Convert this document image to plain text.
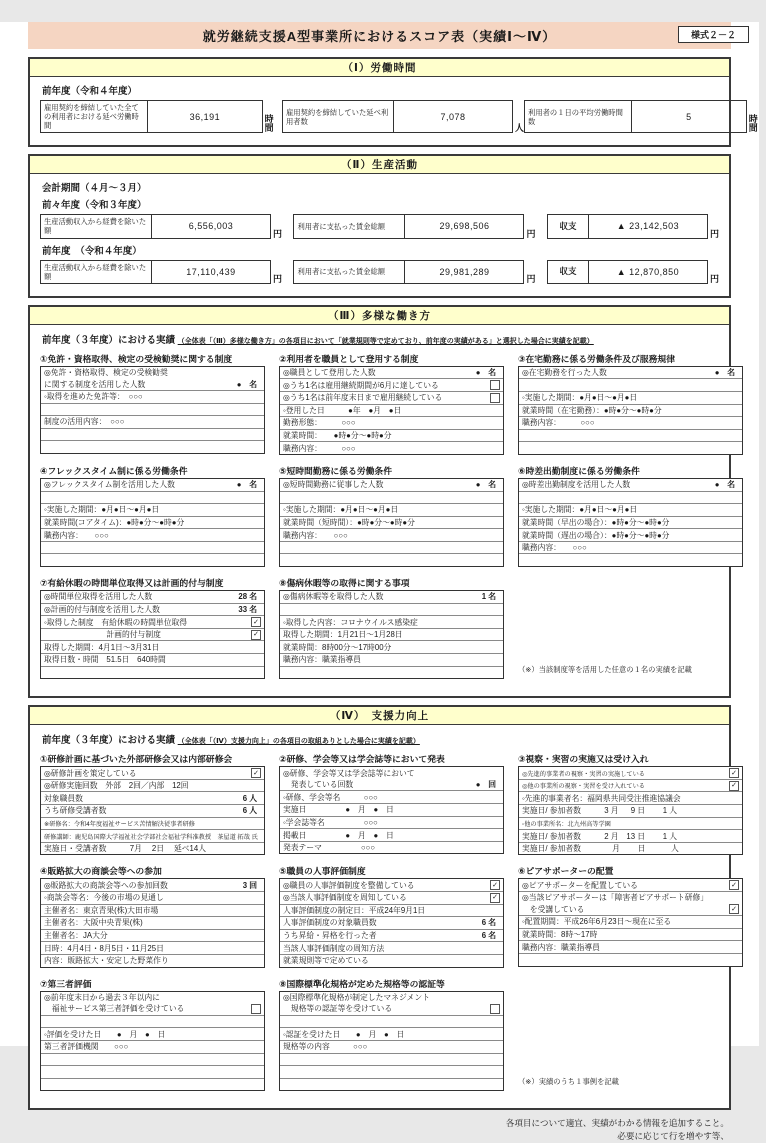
様式２－２
就労継続支援А型事業所におけるスコア表（実績Ⅰ～Ⅳ）
（Ⅰ）労働時間
前年度（令和４年度）
雇用契約を締結していた全ての利用者における延べ労働時間
36,191	時間
雇用契約を締結していた延べ利用者数	7,078
人
利用者の１日の平均労働時間数	5	時間
（Ⅱ）生産活動
会計期間（４月～３月）
前々年度（令和３年度）
生産活動収入から経費を除いた額	6,556,003
円
利用者に支払った賃金総額	29,698,506
円
収支	▲ 23,142,503
円
前年度　（令和４年度）
生産活動収入から経費を除いた額	17,110,439
円
利用者に支払った賃金総額	29,981,289
円
収支	▲ 12,870,850
円
（Ⅲ）多様な働き方
前年度（３年度）における実績 （全体表「（Ⅲ）多様な働き方」の各項目において「就業規則等で定めており、前年度の実績がある」と選択した場合に実績を記載）
①免許・資格取得、検定の受検勧奨に関する制度
◎免許・資格取得、検定の受検勧奨
に関する制度を活用した人数	●　名
◦取得を進めた免許等：　○○○

制度の活用内容：　○○○

②利用者を職員として登用する制度
◎職員として登用した人数	●　名
◎うち1名は雇用継続期間が6月に達している
◎うち1名は前年度末日まで雇用継続している
◦登用した日　　　●年　●月　●日
勤務形態：　　　○○○
就業時間：　　●時●分～●時●分
職務内容：　　　○○○
③在宅勤務に係る労働条件及び服務規律
◎在宅勤務を行った人数	●　名

◦実施した期間：●月●日～●月●日
就業時間（在宅勤務）：●時●分～●時●分
職務内容：　　　○○○

④フレックスタイム制に係る労働条件
◎フレックスタイム制を活用した人数	●　名

◦実施した期間：●月●日～●月●日
就業時間(コアタイム)：●時●分～●時●分
職務内容：　　○○○

⑤短時間勤務に係る労働条件
◎短時間勤務に従事した人数	●　名

◦実施した期間：●月●日～●月●日
就業時間（短時間）：●時●分～●時●分
職務内容：　　○○○

⑥時差出勤制度に係る労働条件
◎時差出勤制度を活用した人数	●　名

◦実施した期間：●月●日～●月●日
就業時間（早出の場合）：●時●分～●時●分
就業時間（遅出の場合）：●時●分～●時●分
職務内容：　　○○○

⑦有給休暇の時間単位取得又は計画的付与制度
◎時間単位取得を活用した人数	28 名
◎計画的付与制度を活用した人数	33 名
◦取得した制度　有給休暇の時間単位取得	✓
　　　　　　　　計画的付与制度	✓
取得した期間：4月1日～3月31日
取得日数・時間　51.5日　640時間

⑧傷病休暇等の取得に関する事項
◎傷病休暇等を取得した人数	1 名

◦取得した内容：コロナウイルス感染症
取得した期間：1月21日～1月28日
就業時間：8時00分～17時00分
職務内容：職業指導員

（※）当該制度等を活用した任意の１名の実績を記載
（Ⅳ）　支援力向上
前年度（３年度）における実績 （全体表「（Ⅳ）支援力向上」の各項目の取組ありとした場合に実績を記載）
①研修計画に基づいた外部研修会又は内部研修会
◎研修計画を策定している	✓
◎研修実施回数　外部　2回／内部　12回
対象職員数	6 人
うち研修受講者数	6 人
※研修名：令和4年度福祉サービス苦情解決従事者研修
研修講師：鹿児島国際大学福祉社会学部社会福祉学科准教授　茶屋道 拓哉 氏
実施日・受講者数　　　7月　 2日　 延べ14人
②研修、学会等又は学会誌等において発表
◎研修、学会等又は学会誌等において
　発表している回数	●　回
◦研修、学会等名　　　○○○
実施日　　　　　●　月　●　日
◦学会誌等名　　　　　○○○
掲載日　　　　　●　月　●　日
発表テーマ　　　　　○○○
③視察・実習の実施又は受け入れ
◎先進的事業者の視察・実習の実施している	✓
◎他の事業所の視察・実習を受け入れている	✓
◦先進的事業者名：福岡県共同受注推進協議会
実施日/ 参加者数　　　3 月　  9 日　　 1 人
◦他の事業所名：北九州高等学園
実施日/ 参加者数　　　2 月　13 日　　 1 人
実施日/ 参加者数　　　　月　　 日　　　 人
④販路拡大の商談会等への参加
◎販路拡大の商談会等への参加回数	3 回
◦商談会等名：今後の市場の見通し
主催者名：東京青果(株)大田市場
主催者名：大阪中央青果(株)
主催者名：JA大分
日時：4月4日・8月5日・11月25日
内容：販路拡大・安定した野菜作り
⑤職員の人事評価制度
◎職員の人事評価制度を整備している	✓
◎当該人事評価制度を周知している	✓
人事評価制度の制定日：平成24年9月1日
人事評価制度の対象職員数	6 名
うち昇給・昇格を行った者	6 名
当該人事評価制度の周知方法
就業規則等で定めている
⑥ピアサポーターの配置
◎ピアサポーターを配置している	✓
◎当該ピアサポーターは「障害者ピアサポート研修」
　を受講している	✓
◦配置期間：平成26年6月23日～現在に至る
就業時間：8時～17時
職務内容：職業指導員

⑦第三者評価
◎前年度末日から過去３年以内に
　福祉サービス第三者評価を受けている

◦評価を受けた日　　●　月　●　日
第三者評価機関　　○○○

⑧国際標準化規格が定めた規格等の認証等
◎国際標準化規格が制定したマネジメント
　規格等の認証等を受けている

◦認証を受けた日　　●　月　●　日
規格等の内容　　　○○○

（※）実績のうち１事例を記載
各項目について適宜、実績がわかる情報を追加すること。
必要に応じて行を増やす等、
